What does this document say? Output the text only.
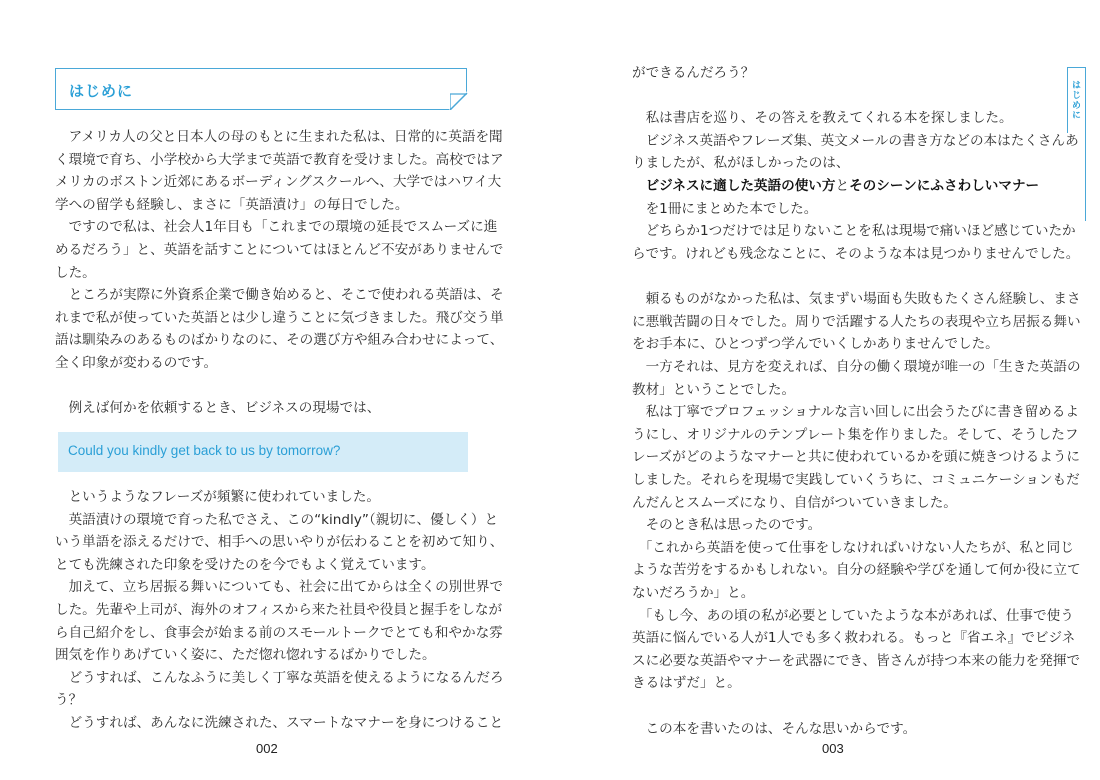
はじめに
　アメリカ人の父と日本人の母のもとに生まれた私は、日常的に英語を聞
く環境で育ち、小学校から大学まで英語で教育を受けました。高校ではア
メリカのボストン近郊にあるボーディングスクールへ、大学ではハワイ大
学への留学も経験し、まさに「英語漬け」の毎日でした。
　ですので私は、社会人1年目も「これまでの環境の延長でスムーズに進
めるだろう」と、英語を話すことについてはほとんど不安がありませんで
した。
　ところが実際に外資系企業で働き始めると、そこで使われる英語は、そ
れまで私が使っていた英語とは少し違うことに気づきました。飛び交う単
語は馴染みのあるものばかりなのに、その選び方や組み合わせによって、
全く印象が変わるのです。
　例えば何かを依頼するとき、ビジネスの現場では、
Could you kindly get back to us by tomorrow?
　というようなフレーズが頻繁に使われていました。
　英語漬けの環境で育った私でさえ、この“kindly”（親切に、優しく）と
いう単語を添えるだけで、相手への思いやりが伝わることを初めて知り、
とても洗練された印象を受けたのを今でもよく覚えています。
　加えて、立ち居振る舞いについても、社会に出てからは全くの別世界で
した。先輩や上司が、海外のオフィスから来た社員や役員と握手をしなが
ら自己紹介をし、食事会が始まる前のスモールトークでとても和やかな雰
囲気を作りあげていく姿に、ただ惚れ惚れするばかりでした。
　どうすれば、こんなふうに美しく丁寧な英語を使えるようになるんだろ
う？
　どうすれば、あんなに洗練された、スマートなマナーを身につけること
002
ができるんだろう？
　私は書店を巡り、その答えを教えてくれる本を探しました。
　ビジネス英語やフレーズ集、英文メールの書き方などの本はたくさんあ
りましたが、私がほしかったのは、
　ビジネスに適した英語の使い方とそのシーンにふさわしいマナー
　を1冊にまとめた本でした。
　どちらか1つだけでは足りないことを私は現場で痛いほど感じていたか
らです。けれども残念なことに、そのような本は見つかりませんでした。
　頼るものがなかった私は、気まずい場面も失敗もたくさん経験し、まさ
に悪戦苦闘の日々でした。周りで活躍する人たちの表現や立ち居振る舞い
をお手本に、ひとつずつ学んでいくしかありませんでした。
　一方それは、見方を変えれば、自分の働く環境が唯一の「生きた英語の
教材」ということでした。
　私は丁寧でプロフェッショナルな言い回しに出会うたびに書き留めるよ
うにし、オリジナルのテンプレート集を作りました。そして、そうしたフ
レーズがどのようなマナーと共に使われているかを頭に焼きつけるように
しました。それらを現場で実践していくうちに、コミュニケーションもだ
んだんとスムーズになり、自信がついていきました。
　そのとき私は思ったのです。
　「これから英語を使って仕事をしなければいけない人たちが、私と同じ
ような苦労をするかもしれない。自分の経験や学びを通して何か役に立て
ないだろうか」と。
　「もし今、あの頃の私が必要としていたような本があれば、仕事で使う
英語に悩んでいる人が1人でも多く救われる。もっと『省エネ』でビジネ
スに必要な英語やマナーを武器にでき、皆さんが持つ本来の能力を発揮で
きるはずだ」と。
　この本を書いたのは、そんな思いからです。
はじめに
003
